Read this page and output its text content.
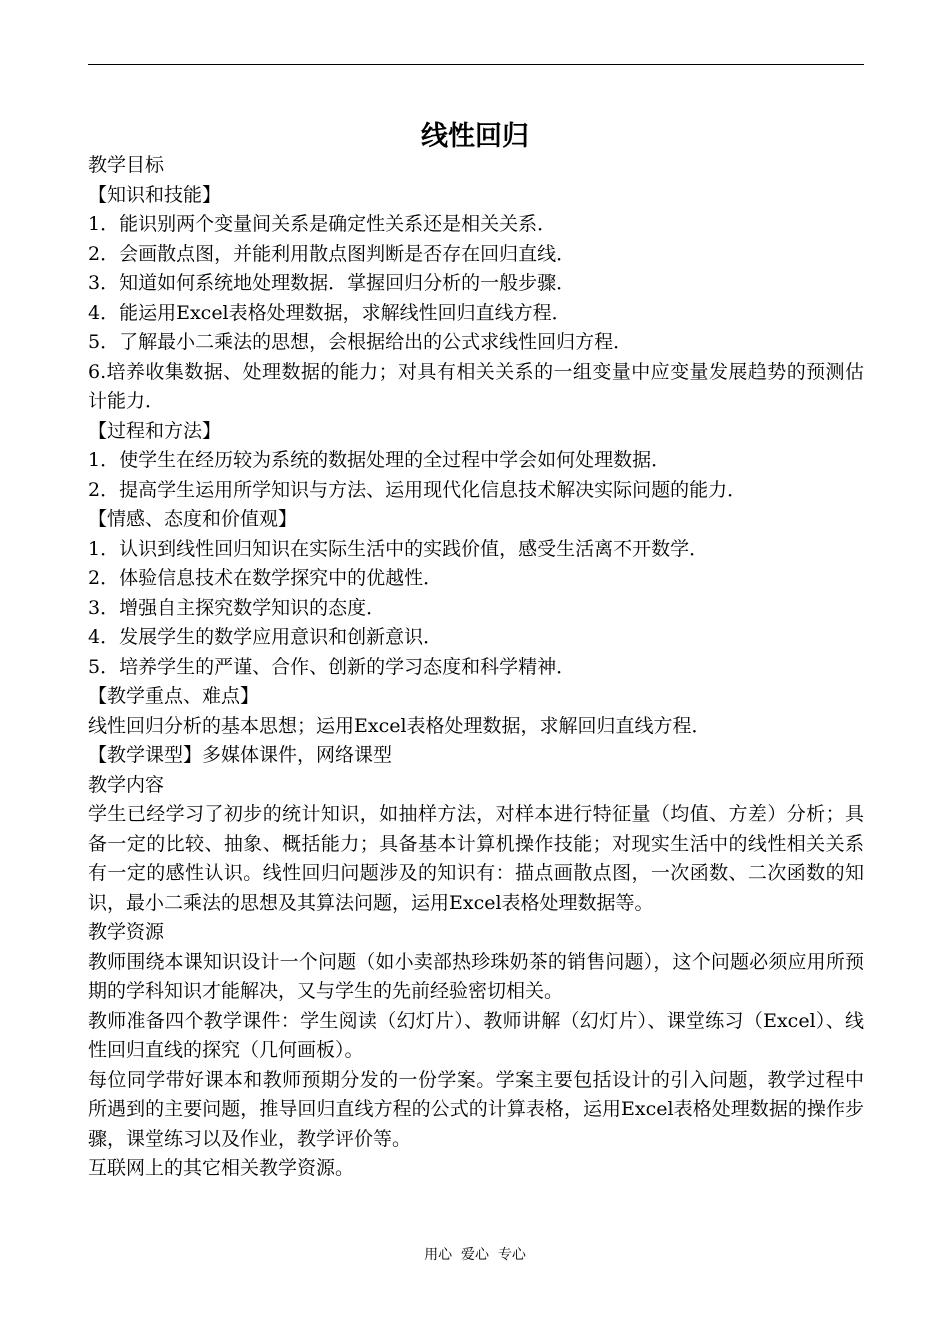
线性回归

教学目标

【知识和技能】

1．能识别两个变量间关系是确定性关系还是相关关系．

2．会画散点图，并能利用散点图判断是否存在回归直线．

3．知道如何系统地处理数据．掌握回归分析的一般步骤．

4．能运用Excel表格处理数据，求解线性回归直线方程．

5．了解最小二乘法的思想，会根据给出的公式求线性回归方程．

6.培养收集数据、处理数据的能力；对具有相关关系的一组变量中应变量发展趋势的预测估计能力．

【过程和方法】

1．使学生在经历较为系统的数据处理的全过程中学会如何处理数据．

2．提高学生运用所学知识与方法、运用现代化信息技术解决实际问题的能力．

【情感、态度和价值观】

1．认识到线性回归知识在实际生活中的实践价值，感受生活离不开数学．

2．体验信息技术在数学探究中的优越性．

3．增强自主探究数学知识的态度．

4．发展学生的数学应用意识和创新意识．

5．培养学生的严谨、合作、创新的学习态度和科学精神．

【教学重点、难点】

线性回归分析的基本思想；运用Excel表格处理数据，求解回归直线方程．

【教学课型】多媒体课件，网络课型

教学内容

学生已经学习了初步的统计知识，如抽样方法，对样本进行特征量（均值、方差）分析；具备一定的比较、抽象、概括能力；具备基本计算机操作技能；对现实生活中的线性相关关系有一定的感性认识。线性回归问题涉及的知识有：描点画散点图，一次函数、二次函数的知识，最小二乘法的思想及其算法问题，运用Excel表格处理数据等。

教学资源

教师围绕本课知识设计一个问题（如小卖部热珍珠奶茶的销售问题），这个问题必须应用所预期的学科知识才能解决，又与学生的先前经验密切相关。

教师准备四个教学课件：学生阅读（幻灯片）、教师讲解（幻灯片）、课堂练习（Excel）、线性回归直线的探究（几何画板）。

每位同学带好课本和教师预期分发的一份学案。学案主要包括设计的引入问题，教学过程中所遇到的主要问题，推导回归直线方程的公式的计算表格，运用Excel表格处理数据的操作步骤，课堂练习以及作业，教学评价等。

互联网上的其它相关教学资源。

用心  爱心  专心
